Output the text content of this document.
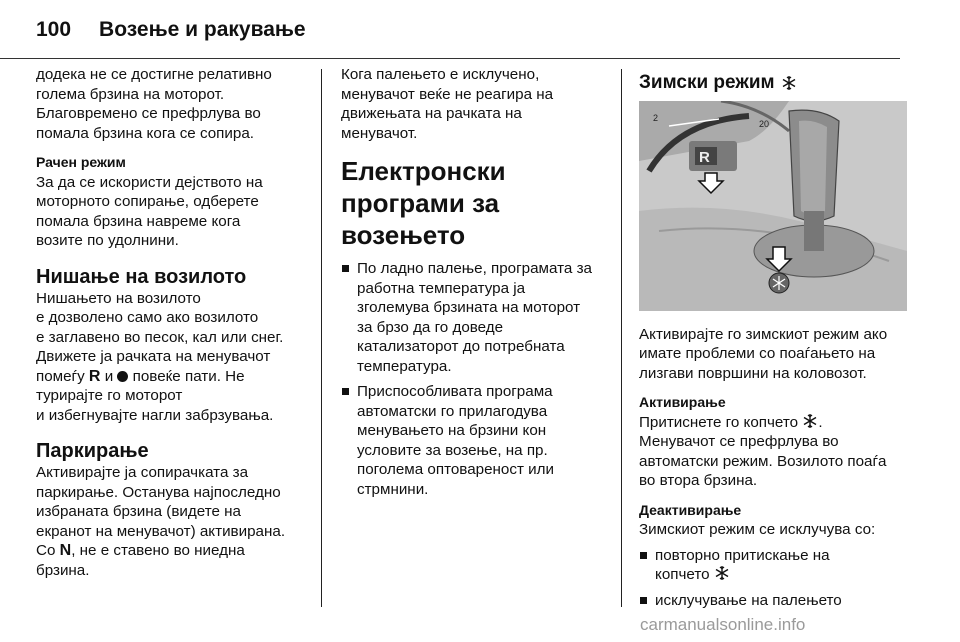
100 Возење и ракување

додека не се достигне релативно
голема брзина на моторот.
Благовремено се префрлува во
помала брзина кога се сопира.

Рачен режим

За да се искористи дејството на
моторното сопирање, одберете
помала брзина навреме кога
возите по удолнини.

Нишање на возилото

Нишањето на возилото
е дозволено само ако возилото
е заглавено во песок, кал или снег.
Движете ја рачката на менувачот
помеѓу R и  повеќе пати. Не
турирајте го моторот
и избегнувајте нагли забрзувања.

Паркирање

Активирајте ја сопирачката за
паркирање. Останува најпоследно
избраната брзина (видете на
екранот на менувачот) активирана.
Со N, не е ставено во ниедна
брзина.

Кога палењето е исклучено,
менувачот веќе не реагира на
движењата на рачката на
менувачот.

Електронски програми за
возењето
По ладно палење, програмата за
работна температура ја
зголемува брзината на моторот
за брзо да го доведе
катализаторот до потребната
температура.
Приспособливата програма
автоматски го прилагодува
менувањето на брзини кон
условите за возење, на пр.
поголема оптовареност или
стрмнини.
Зимски режим
2
20
R

Активирајте го зимскиот режим ако
имате проблеми со поаѓањето на
лизгави површини на коловозот.

Активирање

Притиснете го копчето .
Менувачот се префрлува во
автоматски режим. Возилото поаѓа
во втора брзина.

Деактивирање

Зимскиот режим се исклучува со:

повторно притискање на
копчето
исклучување на палењето
carmanualsonline.info
